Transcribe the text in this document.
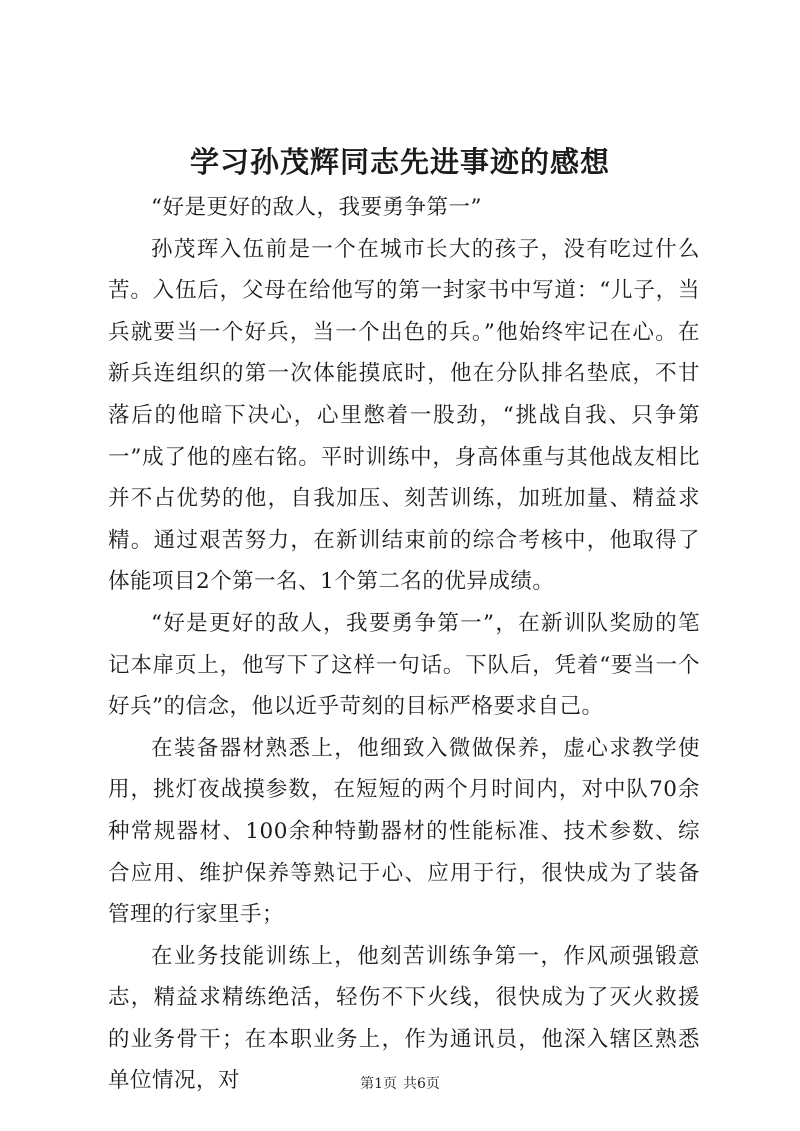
学习孙茂辉同志先进事迹的感想

“好是更好的敌人，我要勇争第一”

孙茂珲入伍前是一个在城市长大的孩子，没有吃过什么苦。入伍后，父母在给他写的第一封家书中写道：“儿子，当兵就要当一个好兵，当一个出色的兵。”他始终牢记在心。在新兵连组织的第一次体能摸底时，他在分队排名垫底，不甘落后的他暗下决心，心里憋着一股劲，“挑战自我、只争第一”成了他的座右铭。平时训练中，身高体重与其他战友相比并不占优势的他，自我加压、刻苦训练，加班加量、精益求精。通过艰苦努力，在新训结束前的综合考核中，他取得了体能项目2个第一名、1个第二名的优异成绩。

“好是更好的敌人，我要勇争第一”，在新训队奖励的笔记本扉页上，他写下了这样一句话。下队后，凭着“要当一个好兵”的信念，他以近乎苛刻的目标严格要求自己。

在装备器材熟悉上，他细致入微做保养，虚心求教学使用，挑灯夜战摸参数，在短短的两个月时间内，对中队70余种常规器材、100余种特勤器材的性能标准、技术参数、综合应用、维护保养等熟记于心、应用于行，很快成为了装备管理的行家里手；

在业务技能训练上，他刻苦训练争第一，作风顽强锻意志，精益求精练绝活，轻伤不下火线，很快成为了灭火救援的业务骨干；在本职业务上，作为通讯员，他深入辖区熟悉单位情况，对	第1页 共6页
